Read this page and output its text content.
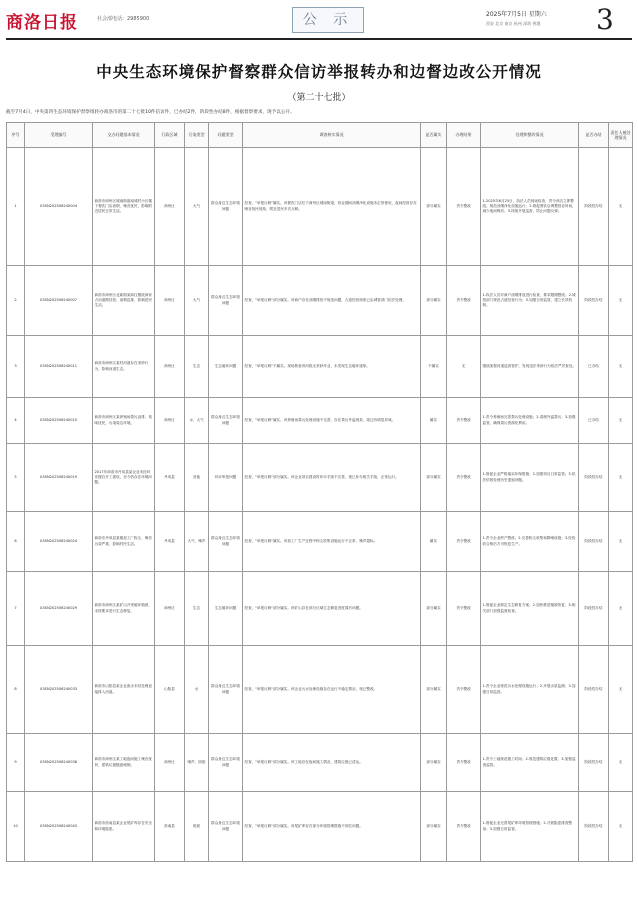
商洛日报	社会部电话：2985900	公 示	2025年7月5日 星期六
西安 北京 南京 杭州 深圳 香港 3
中央生态环境保护督察群众信访举报转办和边督边改公开情况
（第二十七批）
截至7月4日，中央第四生态环境保护督察组转办商洛市的第二十七批10件信访件，已办结2件，阶段性办结8件，根据督察要求，现予以公开。
序号	受理编号	交办问题基本情况	行政区域	污染类型	问题类型	调查核实情况	是否属实	办理结果	处理和整改情况	是否办结	责任人被处理情况
1	X3SN202506240004	商洛市商州区城南街道南城村小区楼下餐饮门店油烟、噪音扰民，影响附近居民正常生活。	商州区	大气	群众身边生态环境问题	经查，"举报反映"属实。该餐饮门店位于商州区城南街道，营业期间油烟净化设施未正常使用，夜间经营存在噪音扰民现象，附近居民多次反映。	部分属实	责令整改	1.2025年6月25日，执法人员现场检查，责令该店立即整改，规范油烟净化设施运行；2.督促餐饮店调整营业时间，减少夜间噪音；3.持续开展巡查，防止问题反弹。	阶段性办结	无
2	X3SN202506240007	商洛市商州区北新街某商住楼底商家占用道路经营，油烟乱排，影响居民生活。	商州区	大气	群众身边生态环境问题	经查，"举报反映"部分属实。该商户存在油烟排放不规范问题，占道经营现象已由城管部门依法处理。	部分属实	责令整改	1.执法人员对商户油烟排放进行检查，要求限期整改；2.城管部门规范占道经营行为；3.加强日常监管，建立长效机制。	阶段性办结	无
3	X3SN202506240011	商洛市商州区某村河道存在采砂行为，影响河道生态。	商州区	生态	生态破坏问题	经查，"举报反映"不属实。现场核查该河段无采砂作业，未发现生态破坏迹象。	不属实	无	继续加强河道巡查管护，发现违法采砂行为依法严厉查处。	已办结	无
4	X3SN202506240015	商洛市商州区某养殖场粪污直排，臭味扰民，污染周边环境。	商州区	水、大气	群众身边生态环境问题	经查，"举报反映"属实。该养殖场粪污处理设施不完善，存在粪污外溢现象，周边有明显异味。	属实	责令整改	1.责令养殖场完善粪污处理设施；2.清理外溢粪污；3.加强监管，确保粪污资源化利用。	已办结	无
5	X3SN202506240019	2017年商洛市丹凤县某企业未经环评擅自开工建设，至今仍存在环境问题。	丹凤县	其他	环评审批问题	经查，"举报反映"部分属实。该企业项目建设时环评手续不完善，现已补办相关手续，正常运行。	部分属实	责令整改	1.督促企业严格落实环保措施；2.加强项目日常监管；3.依法依规处理历史遗留问题。	阶段性办结	无
6	X3SN202506240024	商洛市丹凤县某镇加工厂粉尘、噪音污染严重，影响村民生活。	丹凤县	大气、噪声	群众身边生态环境问题	经查，"举报反映"属实。该加工厂生产过程中粉尘收集设施运行不正常，噪声超标。	属实	责令整改	1.责令企业停产整改；2.完善粉尘收集和降噪设施；3.经验收合格后方可恢复生产。	阶段性办结	无
7	X3SN202506240029	商洛市商州区某矿山开采破坏植被，未按要求进行生态修复。	商州区	生态	生态破坏问题	经查，"举报反映"部分属实。该矿山存在部分区域生态修复进度滞后问题。	部分属实	责令整改	1.督促企业制定生态修复方案；2.加快推进植被恢复；3.相关部门加强监督检查。	阶段性办结	无
8	X3SN202506240033	商洛市山阳县某企业废水未经处理直接排入河道。	山阳县	水	群众身边生态环境问题	经查，"举报反映"部分属实。该企业污水处理设施存在运行不稳定情况，现已整改。	部分属实	责令整改	1.责令企业规范污水处理设施运行；2.开展水质监测；3.加强日常监管。	阶段性办结	无
9	X3SN202506240038	商洛市商州区某工地夜间施工噪音扰民，建筑垃圾随意倾倒。	商州区	噪声、固废	群众身边生态环境问题	经查，"举报反映"部分属实。该工地存在夜间施工情况，建筑垃圾已清运。	部分属实	责令整改	1.责令工地规范施工时间；2.规范建筑垃圾处置；3.加强巡查监管。	阶段性办结	无
10	X3SN202506240043	商洛市洛南县某企业尾矿库存在安全和环境隐患。	洛南县	固废	群众身边生态环境问题	经查，"举报反映"部分属实。该尾矿库存在部分环境管理措施不到位问题。	部分属实	责令整改	1.督促企业完善尾矿库环境管理措施；2.开展隐患排查整治；3.加强日常监管。	阶段性办结	无
